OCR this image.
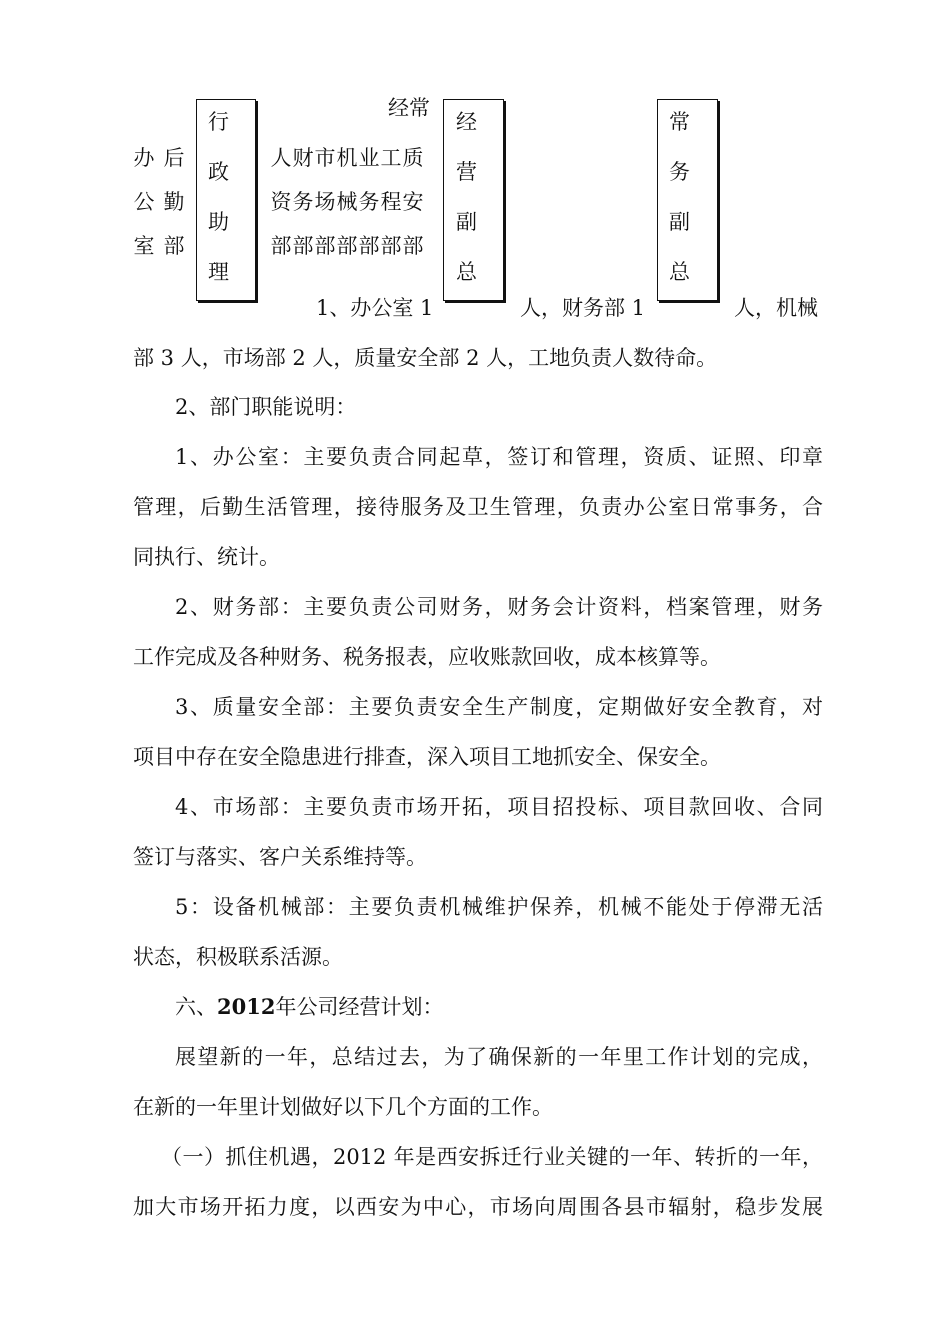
办
公
室
后
勤
部
行
政
助
理
经常
人
资
部
财
务
部
市
场
部
机
械
部
业
务
部
工
程
部
质
安
部
经
营
副
总
常
务
副
总
1、办公室 1	人，财务部 1	人，机械
部 3 人，市场部 2 人，质量安全部 2 人，工地负责人数待命。
2、部门职能说明：
1、办公室：主要负责合同起草，签订和管理，资质、证照、印章
管理，后勤生活管理，接待服务及卫生管理，负责办公室日常事务，合
同执行、统计。
2、财务部：主要负责公司财务，财务会计资料，档案管理，财务
工作完成及各种财务、税务报表，应收账款回收，成本核算等。
3、质量安全部：主要负责安全生产制度，定期做好安全教育，对
项目中存在安全隐患进行排查，深入项目工地抓安全、保安全。
4、市场部：主要负责市场开拓，项目招投标、项目款回收、合同
签订与落实、客户关系维持等。
5：设备机械部：主要负责机械维护保养，机械不能处于停滞无活
状态，积极联系活源。
六、2012年公司经营计划：
展望新的一年，总结过去，为了确保新的一年里工作计划的完成，
在新的一年里计划做好以下几个方面的工作。
（一）抓住机遇，2012 年是西安拆迁行业关键的一年、转折的一年，
加大市场开拓力度，以西安为中心，市场向周围各县市辐射，稳步发展
